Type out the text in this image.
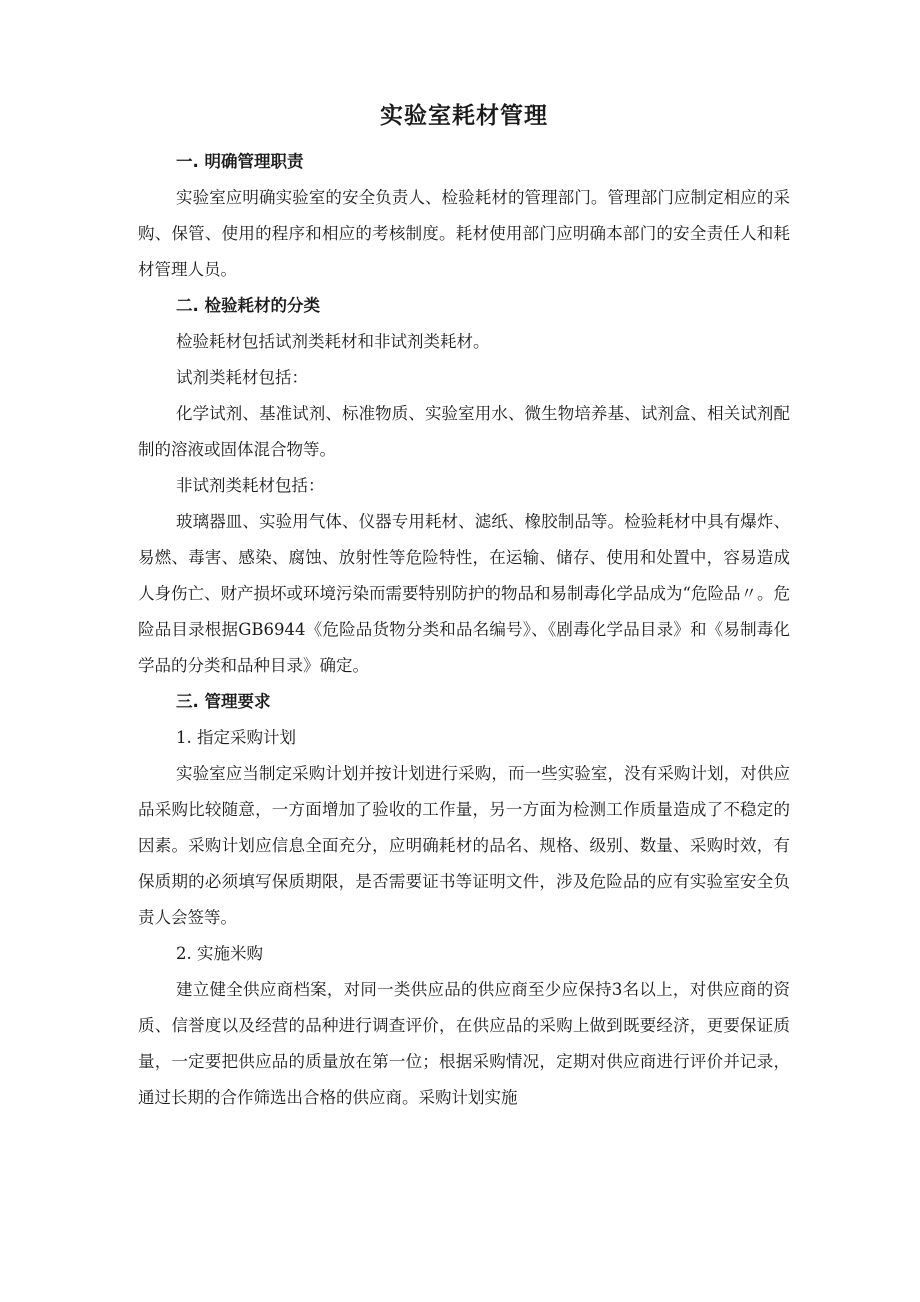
实验室耗材管理
一. 明确管理职责

实验室应明确实验室的安全负责人、检验耗材的管理部门。管理部门应制定相应的采购、保管、使用的程序和相应的考核制度。耗材使用部门应明确本部门的安全责任人和耗材管理人员。

二. 检验耗材的分类

检验耗材包括试剂类耗材和非试剂类耗材。

试剂类耗材包括：

化学试剂、基准试剂、标准物质、实验室用水、微生物培养基、试剂盒、相关试剂配制的溶液或固体混合物等。

非试剂类耗材包括：

玻璃器皿、实验用气体、仪器专用耗材、滤纸、橡胶制品等。检验耗材中具有爆炸、易燃、毒害、感染、腐蚀、放射性等危险特性，在运输、储存、使用和处置中，容易造成人身伤亡、财产损坏或环境污染而需要特别防护的物品和易制毒化学品成为“危险品〃。危险品目录根据GB6944《危险品货物分类和品名编号》、《剧毒化学品目录》和《易制毒化学品的分类和品种目录》确定。

三. 管理要求

1. 指定采购计划

实验室应当制定采购计划并按计划进行采购，而一些实验室，没有采购计划，对供应品采购比较随意，一方面增加了验收的工作量，另一方面为检测工作质量造成了不稳定的因素。采购计划应信息全面充分，应明确耗材的品名、规格、级别、数量、采购时效，有保质期的必须填写保质期限，是否需要证书等证明文件，涉及危险品的应有实验室安全负责人会签等。

2. 实施米购

建立健全供应商档案，对同一类供应品的供应商至少应保持3名以上，对供应商的资质、信誉度以及经营的品种进行调查评价，在供应品的采购上做到既要经济，更要保证质量，一定要把供应品的质量放在第一位；根据采购情况，定期对供应商进行评价并记录，通过长期的合作筛选出合格的供应商。采购计划实施
